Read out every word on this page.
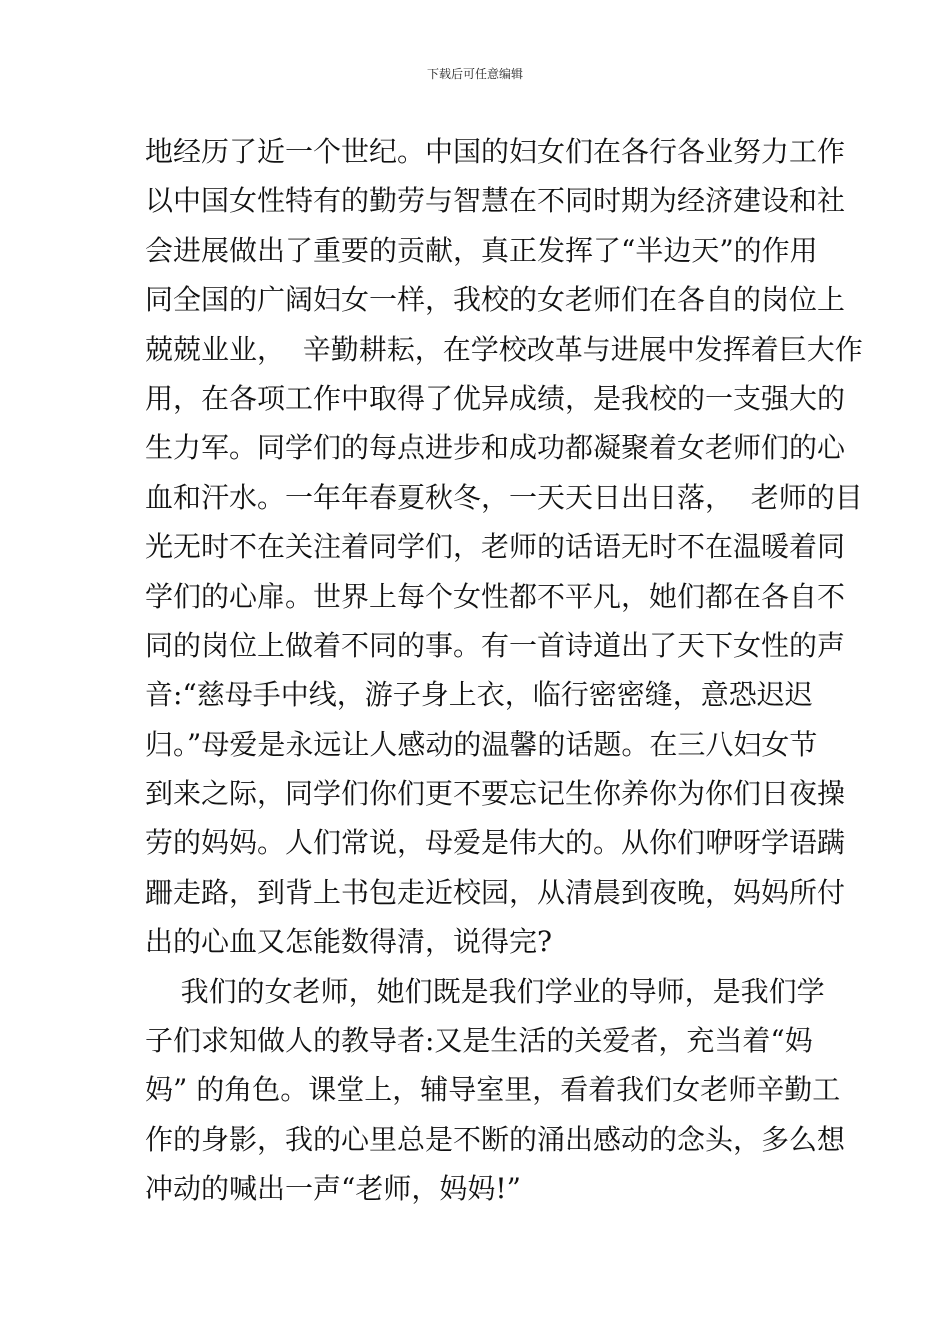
下载后可任意编辑
地经历了近一个世纪。中国的妇女们在各行各业努力工作
以中国女性特有的勤劳与智慧在不同时期为经济建设和社
会进展做出了重要的贡献，真正发挥了“半边天”的作用
同全国的广阔妇女一样，我校的女老师们在各自的岗位上
兢兢业业，  辛勤耕耘，在学校改革与进展中发挥着巨大作
用，在各项工作中取得了优异成绩，是我校的一支强大的
生力军。同学们的每点进步和成功都凝聚着女老师们的心
血和汗水。一年年春夏秋冬，一天天日出日落，  老师的目
光无时不在关注着同学们，老师的话语无时不在温暖着同
学们的心扉。世界上每个女性都不平凡，她们都在各自不
同的岗位上做着不同的事。有一首诗道出了天下女性的声
音:“慈母手中线，游子身上衣，临行密密缝，意恐迟迟
归。”母爱是永远让人感动的温馨的话题。在三八妇女节
到来之际，同学们你们更不要忘记生你养你为你们日夜操
劳的妈妈。人们常说，母爱是伟大的。从你们咿呀学语蹒
跚走路，到背上书包走近校园，从清晨到夜晚，妈妈所付
出的心血又怎能数得清，说得完?
我们的女老师，她们既是我们学业的导师，是我们学
子们求知做人的教导者:又是生活的关爱者，充当着“妈
妈” 的角色。课堂上，辅导室里，看着我们女老师辛勤工
作的身影，我的心里总是不断的涌出感动的念头，多么想
冲动的喊出一声“老师，妈妈!”
